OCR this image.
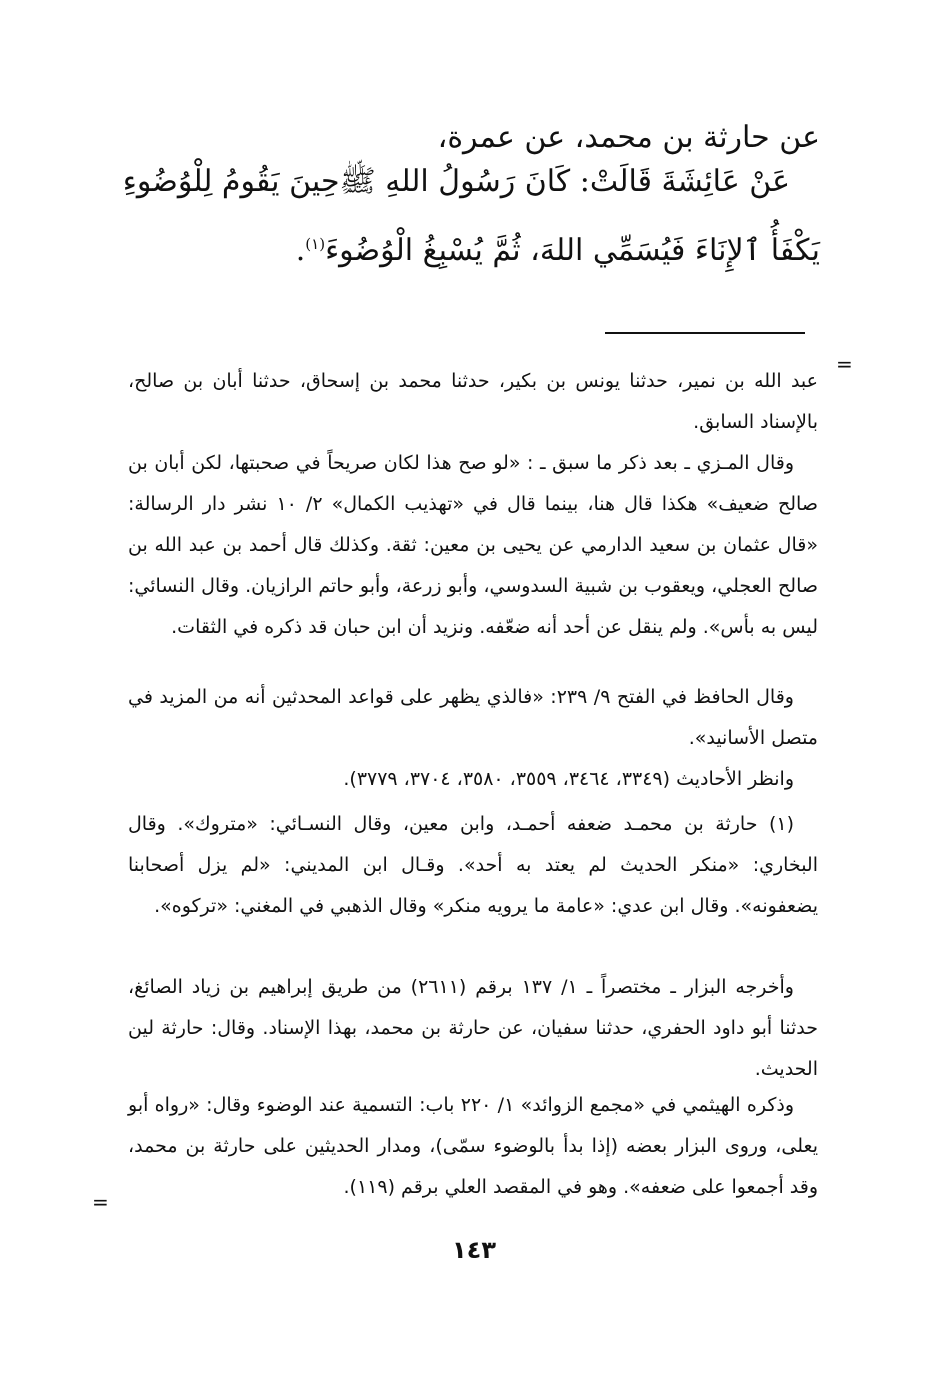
عن حارثة بن محمد، عن عمرة،
عَنْ عَائِشَةَ قَالَتْ: كَانَ رَسُولُ اللهِ ﷺحِينَ يَقُومُ لِلْوُضُوءِ
يَكْفَأُ ٱلإِنَاءَ فَيُسَمِّي اللهَ، ثُمَّ يُسْبِغُ الْوُضُوءَ$^{(١)}$.
=

عبد الله بن نمير، حدثنا يونس بن بكير، حدثنا محمد بن إسحاق، حدثنا أبان بن صالح، بالإسناد السابق.

وقال المـزي ـ بعد ذكر ما سبق ـ : «لو صح هذا لكان صريحاً في صحبتها، لكن أبان بن صالح ضعيف» هكذا قال هنا، بينما قال في «تهذيب الكمال» ٢/ ١٠ نشر دار الرسالة: «قال عثمان بن سعيد الدارمي عن يحيى بن معين: ثقة. وكذلك قال أحمد بن عبد الله بن صالح العجلي، ويعقوب بن شبية السدوسي، وأبو زرعة، وأبو حاتم الرازيان. وقال النسائي: ليس به بأس». ولم ينقل عن أحد أنه ضعّفه. ونزيد أن ابن حبان قد ذكره في الثقات.

وقال الحافظ في الفتح ٩/ ٢٣٩: «فالذي يظهر على قواعد المحدثين أنه من المزيد في متصل الأسانيد».

وانظر الأحاديث (٣٣٤٩، ٣٤٦٤، ٣٥٥٩، ٣٥٨٠، ٣٧٠٤، ٣٧٧٩).

(١) حارثة بن محمـد ضعفه أحمـد، وابن معين، وقال النسـائي: «متروك». وقال البخاري: «منكر الحديث لم يعتد به أحد». وقـال ابن المديني: «لم يزل أصحابنا يضعفونه». وقال ابن عدي: «عامة ما يرويه منكر» وقال الذهبي في المغني: «تركوه».

وأخرجه البزار ـ مختصراً ـ ١/ ١٣٧ برقم (٢٦١١) من طريق إبراهيم بن زياد الصائغ، حدثنا أبو داود الحفري، حدثنا سفيان، عن حارثة بن محمد، بهذا الإسناد. وقال: حارثة لين الحديث.

وذكره الهيثمي في «مجمع الزوائد» ١/ ٢٢٠ باب: التسمية عند الوضوء وقال: «رواه أبو يعلى، وروى البزار بعضه (إذا بدأ بالوضوء سمّى)، ومدار الحديثين على حارثة بن محمد، وقد أجمعوا على ضعفه». وهو في المقصد العلي برقم (١١٩).

=
١٤٣
